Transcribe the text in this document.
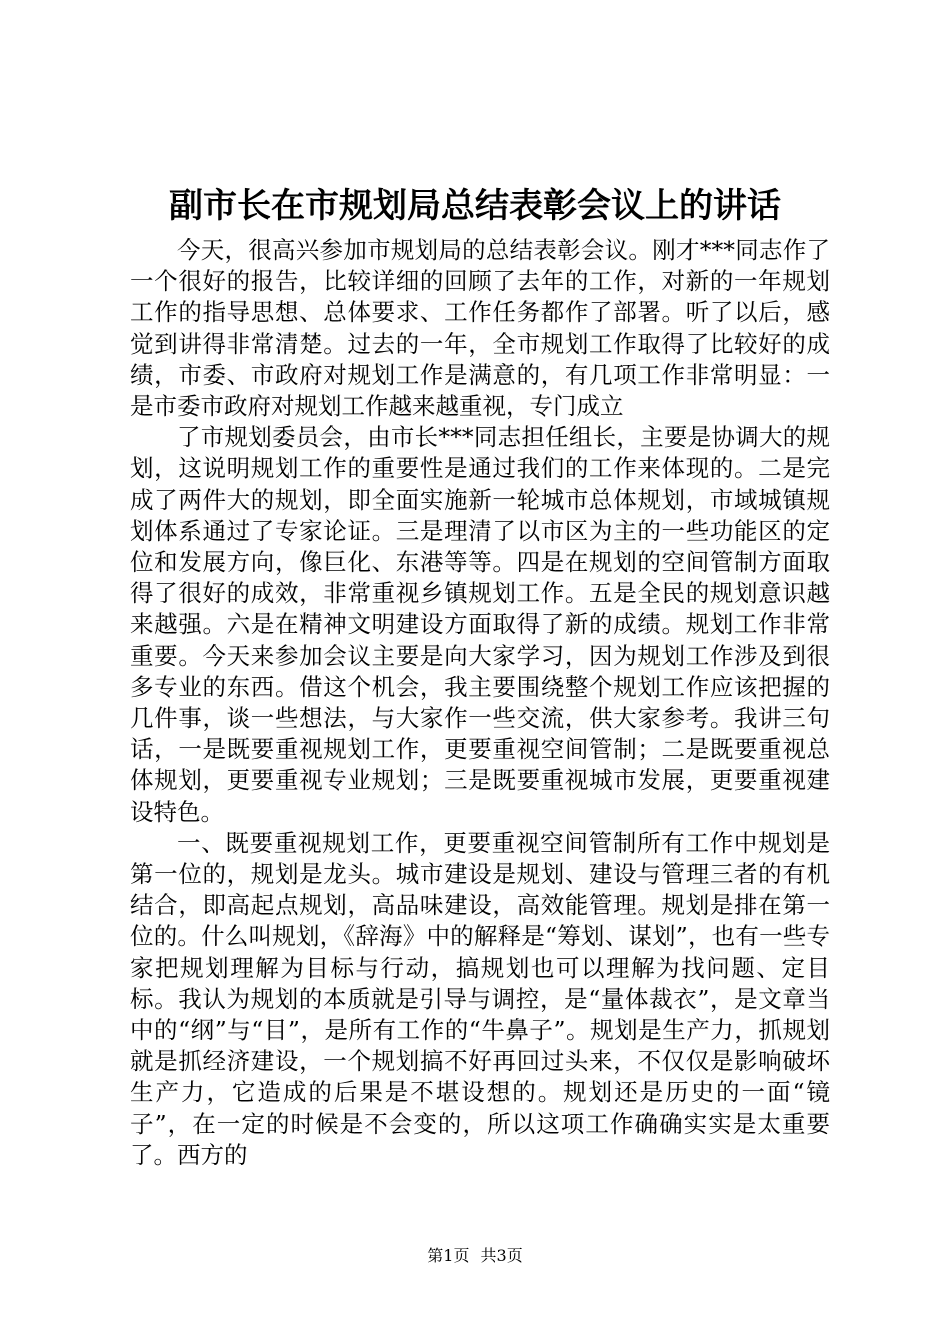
副市长在市规划局总结表彰会议上的讲话

今天，很高兴参加市规划局的总结表彰会议。刚才***同志作了一个很好的报告，比较详细的回顾了去年的工作，对新的一年规划工作的指导思想、总体要求、工作任务都作了部署。听了以后，感觉到讲得非常清楚。过去的一年，全市规划工作取得了比较好的成绩，市委、市政府对规划工作是满意的，有几项工作非常明显：一是市委市政府对规划工作越来越重视，专门成立

了市规划委员会，由市长***同志担任组长，主要是协调大的规划，这说明规划工作的重要性是通过我们的工作来体现的。二是完成了两件大的规划，即全面实施新一轮城市总体规划，市域城镇规划体系通过了专家论证。三是理清了以市区为主的一些功能区的定位和发展方向，像巨化、东港等等。四是在规划的空间管制方面取得了很好的成效，非常重视乡镇规划工作。五是全民的规划意识越来越强。六是在精神文明建设方面取得了新的成绩。规划工作非常重要。今天来参加会议主要是向大家学习，因为规划工作涉及到很多专业的东西。借这个机会，我主要围绕整个规划工作应该把握的几件事，谈一些想法，与大家作一些交流，供大家参考。我讲三句话，一是既要重视规划工作，更要重视空间管制；二是既要重视总体规划，更要重视专业规划；三是既要重视城市发展，更要重视建设特色。

一、既要重视规划工作，更要重视空间管制所有工作中规划是第一位的，规划是龙头。城市建设是规划、建设与管理三者的有机结合，即高起点规划，高品味建设，高效能管理。规划是排在第一位的。什么叫规划，《辞海》中的解释是“筹划、谋划”，也有一些专家把规划理解为目标与行动，搞规划也可以理解为找问题、定目标。我认为规划的本质就是引导与调控，是“量体裁衣”，是文章当中的“纲”与“目”，是所有工作的“牛鼻子”。规划是生产力，抓规划就是抓经济建设，一个规划搞不好再回过头来，不仅仅是影响破坏生产力，它造成的后果是不堪设想的。规划还是历史的一面“镜子”，在一定的时候是不会变的，所以这项工作确确实实是太重要了。西方的

第1页 共3页
